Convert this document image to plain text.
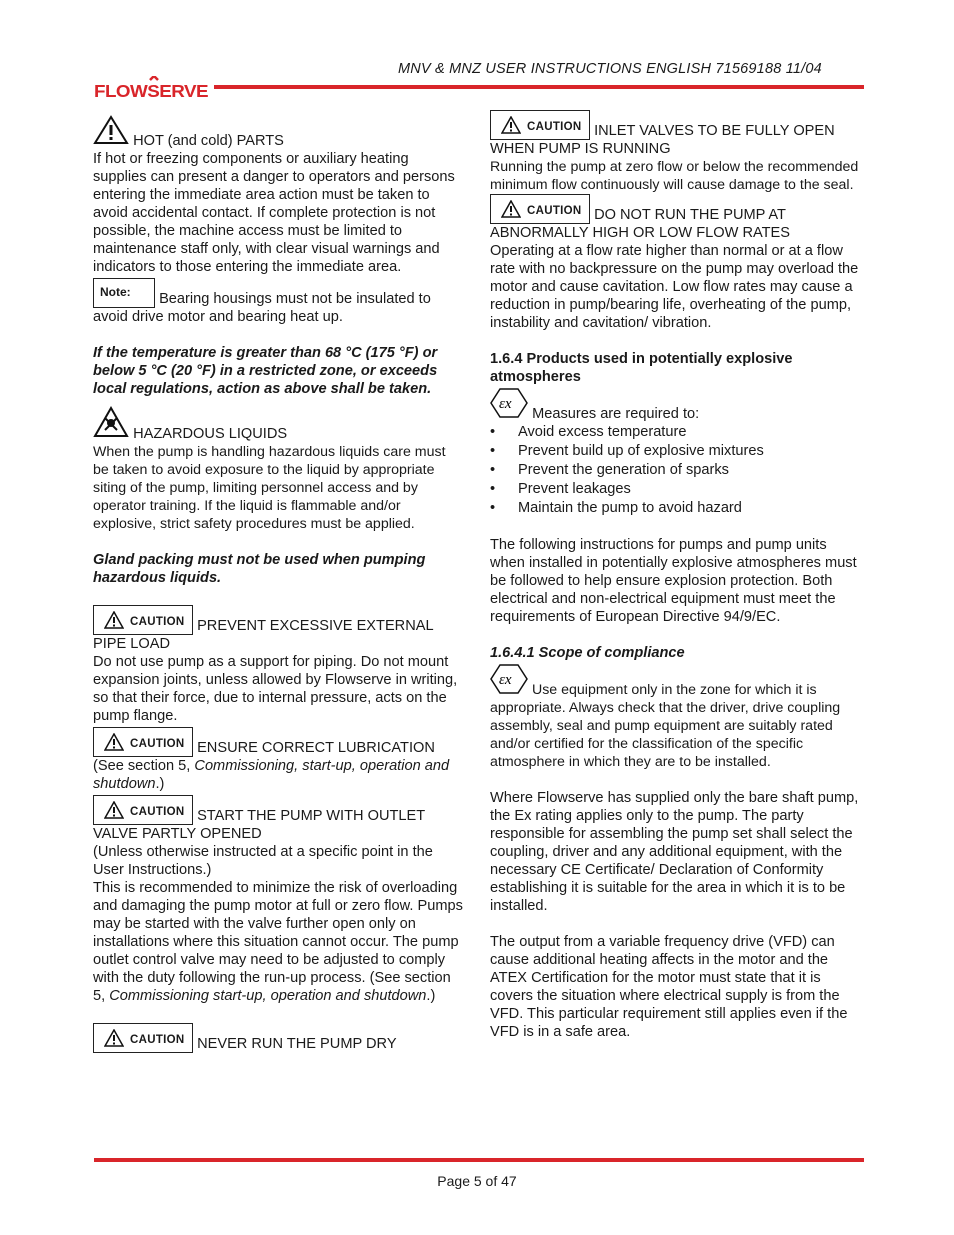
MNV & MNZ USER INSTRUCTIONS ENGLISH 71569188 11/04
FLOWSERVE

HOT (and cold) PARTS

If hot or freezing components or auxiliary heating supplies can present a danger to operators and persons entering the immediate area action must be taken to avoid accidental contact. If complete protection is not possible, the machine access must be limited to maintenance staff only, with clear visual warnings and indicators to those entering the immediate area.

Note: Bearing housings must not be insulated to avoid drive motor and bearing heat up.

If the temperature is greater than 68 °C (175 °F) or below 5 °C (20 °F) in a restricted zone, or exceeds local regulations, action as above shall be taken.

HAZARDOUS LIQUIDS

When the pump is handling hazardous liquids care must be taken to avoid exposure to the liquid by appropriate siting of the pump, limiting personnel access and by operator training. If the liquid is flammable and/or explosive, strict safety procedures must be applied.

Gland packing must not be used when pumping hazardous liquids.

CAUTION PREVENT EXCESSIVE EXTERNAL PIPE LOAD

Do not use pump as a support for piping. Do not mount expansion joints, unless allowed by Flowserve in writing, so that their force, due to internal pressure, acts on the pump flange.

CAUTION ENSURE CORRECT LUBRICATION

(See section 5, Commissioning, start-up, operation and shutdown.)

CAUTION START THE PUMP WITH OUTLET VALVE PARTLY OPENED

(Unless otherwise instructed at a specific point in the User Instructions.)

This is recommended to minimize the risk of overloading and damaging the pump motor at full or zero flow. Pumps may be started with the valve further open only on installations where this situation cannot occur. The pump outlet control valve may need to be adjusted to comply with the duty following the run-up process. (See section 5, Commissioning start-up, operation and shutdown.)

CAUTION NEVER RUN THE PUMP DRY

CAUTION INLET VALVES TO BE FULLY OPEN WHEN PUMP IS RUNNING

Running the pump at zero flow or below the recommended minimum flow continuously will cause damage to the seal.

CAUTION DO NOT RUN THE PUMP AT ABNORMALLY HIGH OR LOW FLOW RATES

Operating at a flow rate higher than normal or at a flow rate with no backpressure on the pump may overload the motor and cause cavitation. Low flow rates may cause a reduction in pump/bearing life, overheating of the pump, instability and cavitation/ vibration.

1.6.4 Products used in potentially explosive atmospheres

εx
Measures are required to:

• Avoid excess temperature
• Prevent build up of explosive mixtures
• Prevent the generation of sparks
• Prevent leakages
• Maintain the pump to avoid hazard

The following instructions for pumps and pump units when installed in potentially explosive atmospheres must be followed to help ensure explosion protection. Both electrical and non-electrical equipment must meet the requirements of European Directive 94/9/EC.

1.6.4.1 Scope of compliance

εx
Use equipment only in the zone for which it is appropriate. Always check that the driver, drive coupling assembly, seal and pump equipment are suitably rated and/or certified for the classification of the specific atmosphere in which they are to be installed.

Where Flowserve has supplied only the bare shaft pump, the Ex rating applies only to the pump. The party responsible for assembling the pump set shall select the coupling, driver and any additional equipment, with the necessary CE Certificate/ Declaration of Conformity establishing it is suitable for the area in which it is to be installed.

The output from a variable frequency drive (VFD) can cause additional heating affects in the motor and the ATEX Certification for the motor must state that it is covers the situation where electrical supply is from the VFD. This particular requirement still applies even if the VFD is in a safe area.

Page 5 of 47
